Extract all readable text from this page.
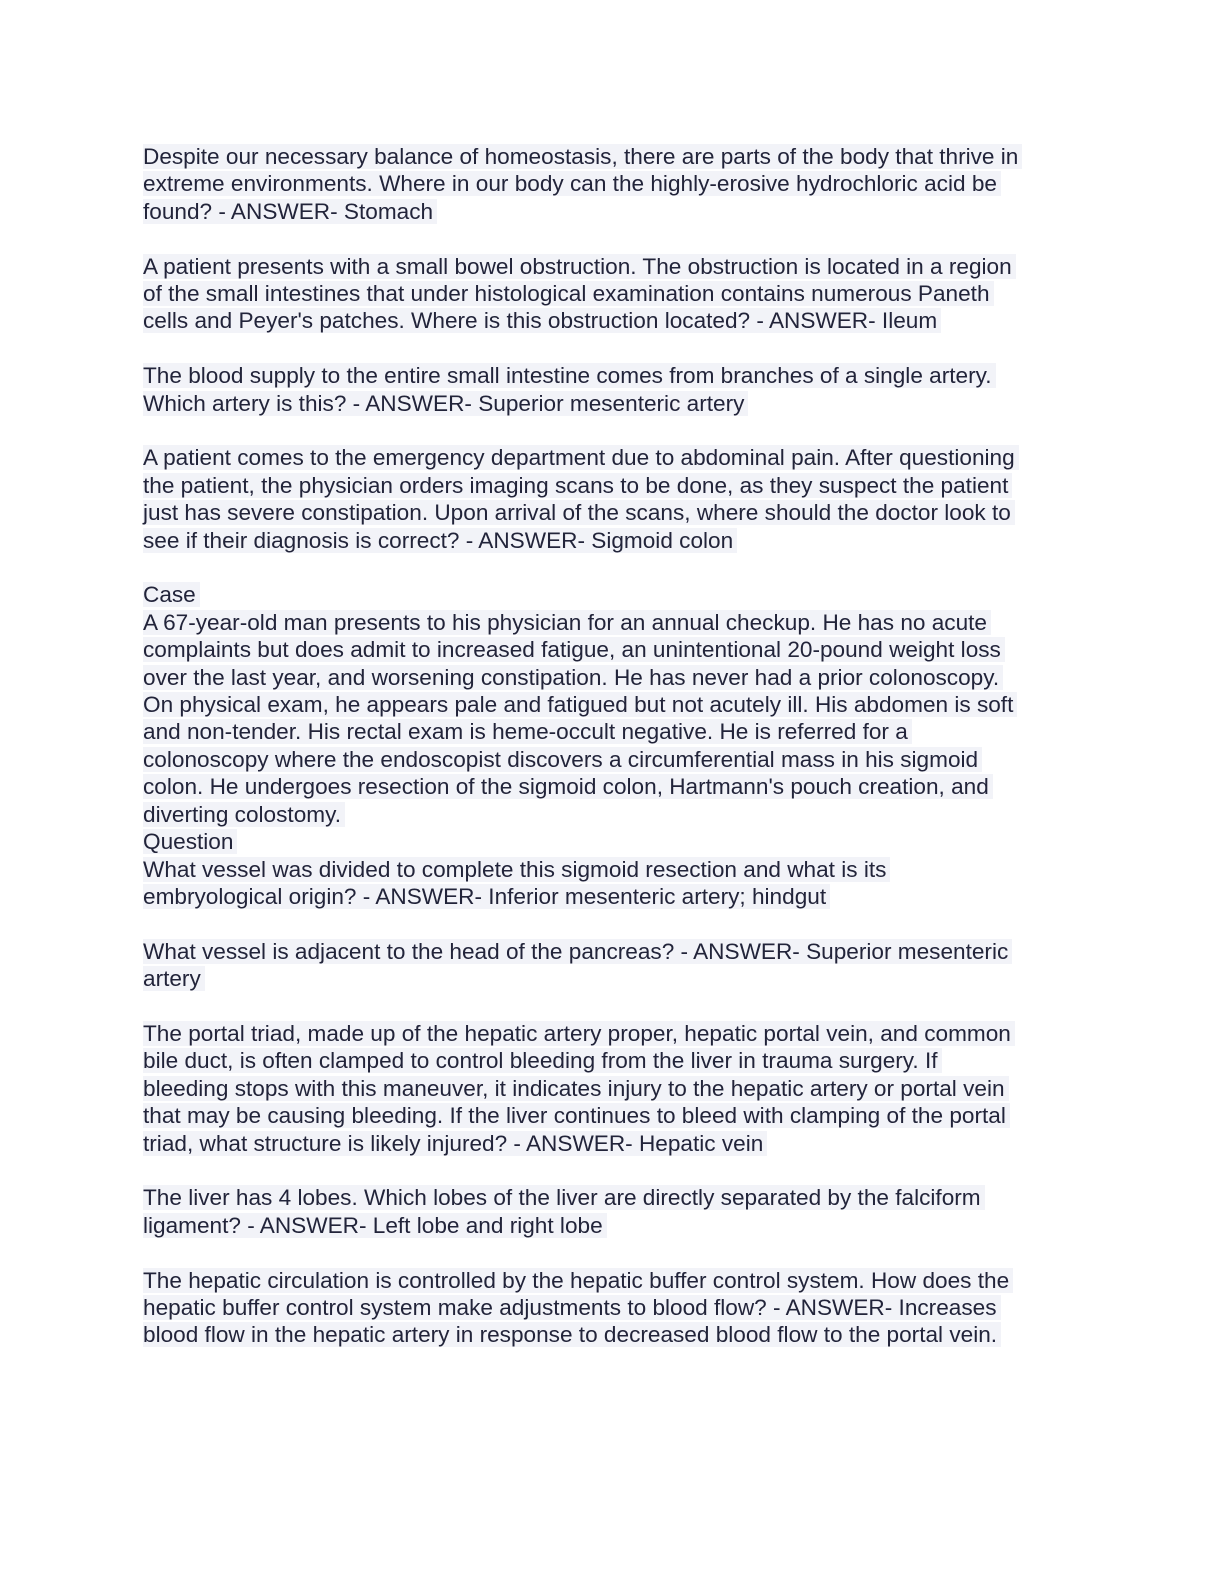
Despite our necessary balance of homeostasis, there are parts of the body that thrive in
extreme environments. Where in our body can the highly-erosive hydrochloric acid be
found? - ANSWER- Stomach
A patient presents with a small bowel obstruction. The obstruction is located in a region
of the small intestines that under histological examination contains numerous Paneth
cells and Peyer's patches. Where is this obstruction located? - ANSWER- Ileum
The blood supply to the entire small intestine comes from branches of a single artery.
Which artery is this? - ANSWER- Superior mesenteric artery
A patient comes to the emergency department due to abdominal pain. After questioning
the patient, the physician orders imaging scans to be done, as they suspect the patient
just has severe constipation. Upon arrival of the scans, where should the doctor look to
see if their diagnosis is correct? - ANSWER- Sigmoid colon
Case
A 67-year-old man presents to his physician for an annual checkup. He has no acute
complaints but does admit to increased fatigue, an unintentional 20-pound weight loss
over the last year, and worsening constipation. He has never had a prior colonoscopy.
On physical exam, he appears pale and fatigued but not acutely ill. His abdomen is soft
and non-tender. His rectal exam is heme-occult negative. He is referred for a
colonoscopy where the endoscopist discovers a circumferential mass in his sigmoid
colon. He undergoes resection of the sigmoid colon, Hartmann's pouch creation, and
diverting colostomy.
Question
What vessel was divided to complete this sigmoid resection and what is its
embryological origin? - ANSWER- Inferior mesenteric artery; hindgut
What vessel is adjacent to the head of the pancreas? - ANSWER- Superior mesenteric
artery
The portal triad, made up of the hepatic artery proper, hepatic portal vein, and common
bile duct, is often clamped to control bleeding from the liver in trauma surgery. If
bleeding stops with this maneuver, it indicates injury to the hepatic artery or portal vein
that may be causing bleeding. If the liver continues to bleed with clamping of the portal
triad, what structure is likely injured? - ANSWER- Hepatic vein
The liver has 4 lobes. Which lobes of the liver are directly separated by the falciform
ligament? - ANSWER- Left lobe and right lobe
The hepatic circulation is controlled by the hepatic buffer control system. How does the
hepatic buffer control system make adjustments to blood flow? - ANSWER- Increases
blood flow in the hepatic artery in response to decreased blood flow to the portal vein.
